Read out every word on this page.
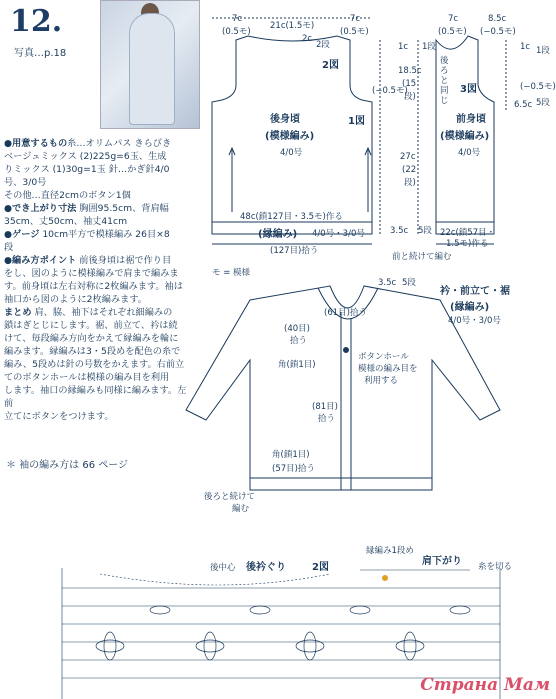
12.
写真…p.18
●用意するもの糸…オリムパス きらびき
ベージュミックス (2)225g=6玉、生成
りミックス (1)30g=1玉 針…かぎ針4/0
号、3/0号
その他…直径2cmのボタン1個
●でき上がり寸法 胸囲95.5cm、背肩幅
35cm、丈50cm、袖丈41cm
●ゲージ 10cm平方で模様編み 26目×8
段
●編み方ポイント 前後身頃は裾で作り目
をし、図のように模様編みで肩まで編みま
す。前身頃は左右対称に2枚編みます。袖は
袖口から図のように2枚編みます。
まとめ 肩、脇、袖下はそれぞれ細編みの
鎖はぎとじにします。裾、前立て、衿は続
けて、毎段編み方向をかえて縁編みを輪に
編みます。縁編みは3・5段めを配色の糸で
編み、5段めは針の号数をかえます。右前立
てのボタンホールは模様の編み目を利用
します。袖口の縁編みも同様に編みます。左前
立てにボタンをつけます。
＊ 袖の編み方は 66 ページ
7c
(0.5モ)
21c(1.5モ)
2c
2段
7c
(0.5モ)
2図
(−0.5モ)
後身頃
(模様編み)
4/0号
1図
1c 1段
18.5c
(15
段)
27c
(22
段)
48c(鎖127目・3.5モ)作る
(縁編み) 4/0号・3/0号
(127目)拾う
3.5c 5段
7c
(0.5モ)
8.5c
(−0.5モ)
3図
1c 1段
6.5c 5段
(−0.5モ)
前身頃
(模様編み)
4/0号
後ろと同じ
22c(鎖57目・
1.5モ)作る
前と続けて編む
モ = 模様
3.5c 5段
衿・前立て・裾
(縁編み)
4/0号・3/0号
(61目)拾う
(40目)
拾う
角(鎖1目)
ボタンホール
模様の編み目を
利用する
(81目)
拾う
角(鎖1目)
(57目)拾う
後ろと続けて
編む
後中心 後衿ぐり	2図
縁編み1段め
肩下がり 糸を切る
Страна Мам
